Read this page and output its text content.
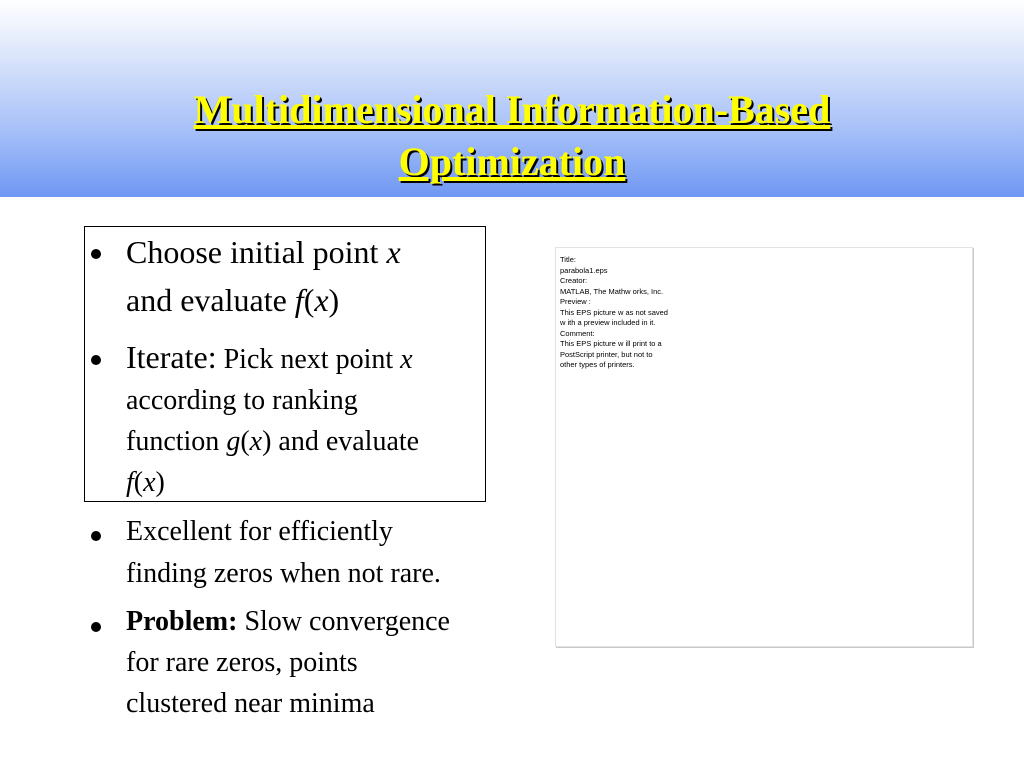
Multidimensional Information-Based
Optimization
Choose initial point x
and evaluate f(x)
Iterate: Pick next point x
according to ranking
function g(x) and evaluate
f(x)
Excellent for efficiently
finding zeros when not rare.
Problem: Slow convergence
for rare zeros, points
clustered near minima
Title:
parabola1.eps
Creator:
MATLAB, The Mathw orks, Inc.
Preview :
This EPS picture w as not saved
w ith a preview included in it.
Comment:
This EPS picture w ill print to a
PostScript printer, but not to
other types of printers.
